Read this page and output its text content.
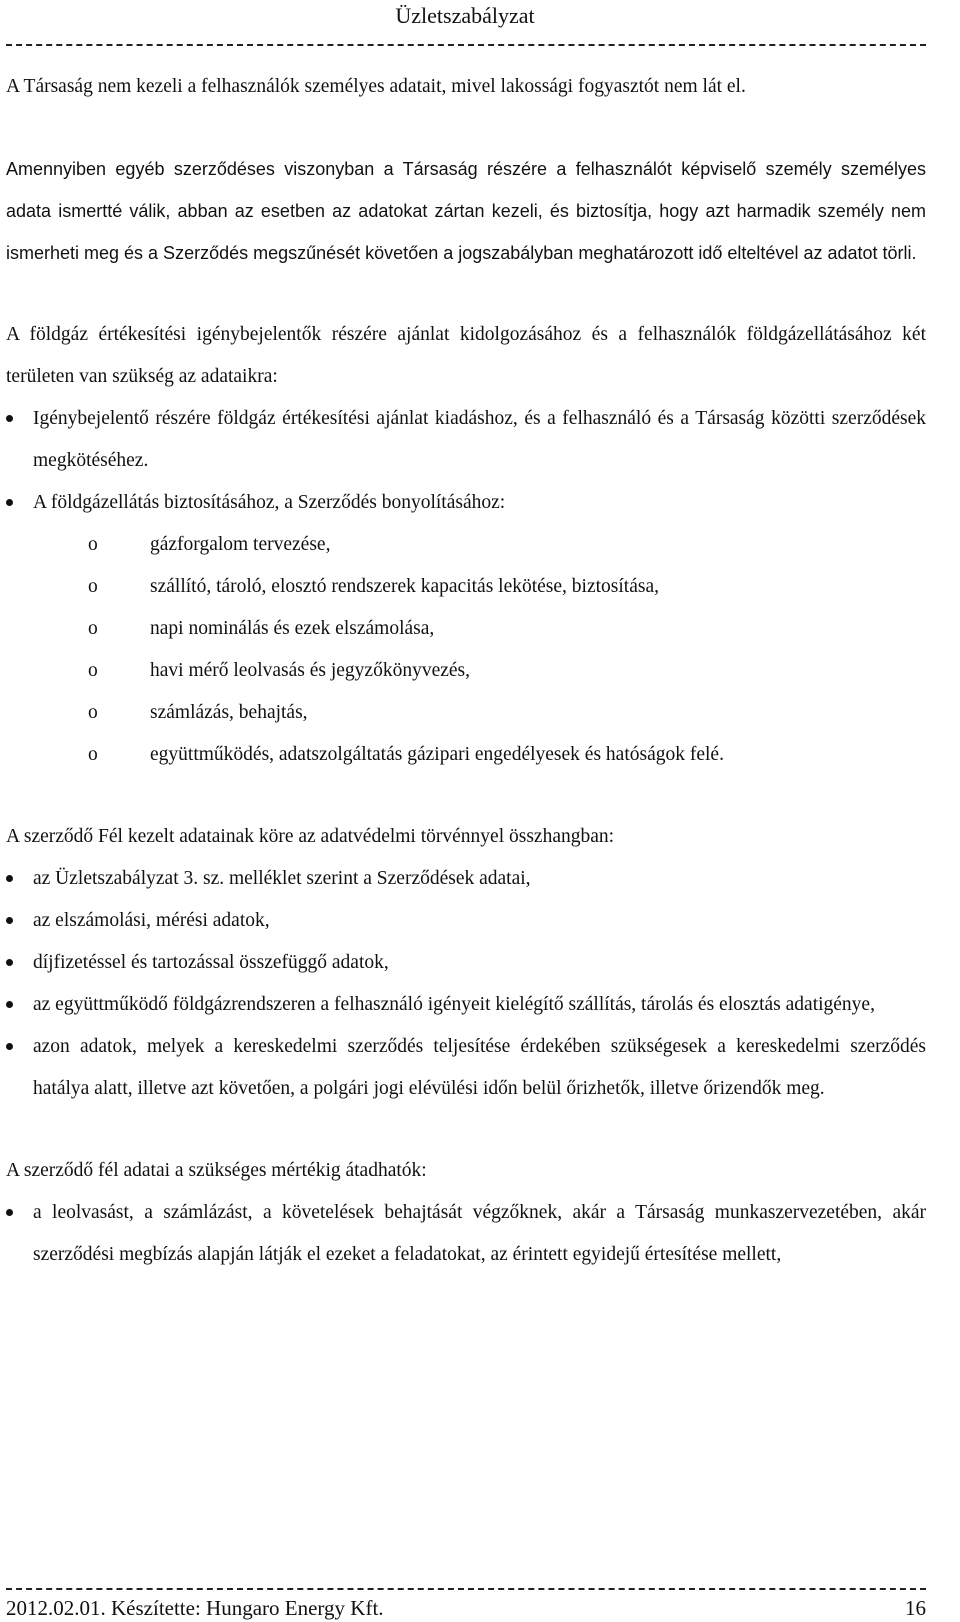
Üzletszabályzat

A Társaság nem kezeli a felhasználók személyes adatait, mivel lakossági fogyasztót nem lát el.

Amennyiben egyéb szerződéses viszonyban a Társaság részére a felhasználót képviselő személy személyes adata ismertté válik, abban az esetben az adatokat zártan kezeli, és biztosítja, hogy azt harmadik személy nem ismerheti meg és a Szerződés megszűnését követően a jogszabályban meghatározott idő elteltével az adatot törli.

A földgáz értékesítési igénybejelentők részére ajánlat kidolgozásához és a felhasználók földgázellátásához két területen van szükség az adataikra:

Igénybejelentő részére földgáz értékesítési ajánlat kiadáshoz, és a felhasználó és a Társaság közötti szerződések megkötéséhez.
A földgázellátás biztosításához, a Szerződés bonyolításához:
o	gázforgalom tervezése,
o	szállító, tároló, elosztó rendszerek kapacitás lekötése, biztosítása,
o	napi nominálás és ezek elszámolása,
o	havi mérő leolvasás és jegyzőkönyvezés,
o	számlázás, behajtás,
o	együttműködés, adatszolgáltatás gázipari engedélyesek és hatóságok felé.

A szerződő Fél kezelt adatainak köre az adatvédelmi törvénnyel összhangban:

az Üzletszabályzat 3. sz. melléklet szerint a Szerződések adatai,
az elszámolási, mérési adatok,
díjfizetéssel és tartozással összefüggő adatok,
az együttműködő földgázrendszeren a felhasználó igényeit kielégítő szállítás, tárolás és elosztás adatigénye,
azon adatok, melyek a kereskedelmi szerződés teljesítése érdekében szükségesek a kereskedelmi szerződés hatálya alatt, illetve azt követően, a polgári jogi elévülési időn belül őrizhetők, illetve őrizendők meg.

A szerződő fél adatai a szükséges mértékig átadhatók:

a leolvasást, a számlázást, a követelések behajtását végzőknek, akár a Társaság munkaszervezetében, akár szerződési megbízás alapján látják el ezeket a feladatokat, az érintett egyidejű értesítése mellett,
2012.02.01. Készítette: Hungaro Energy Kft.	16
